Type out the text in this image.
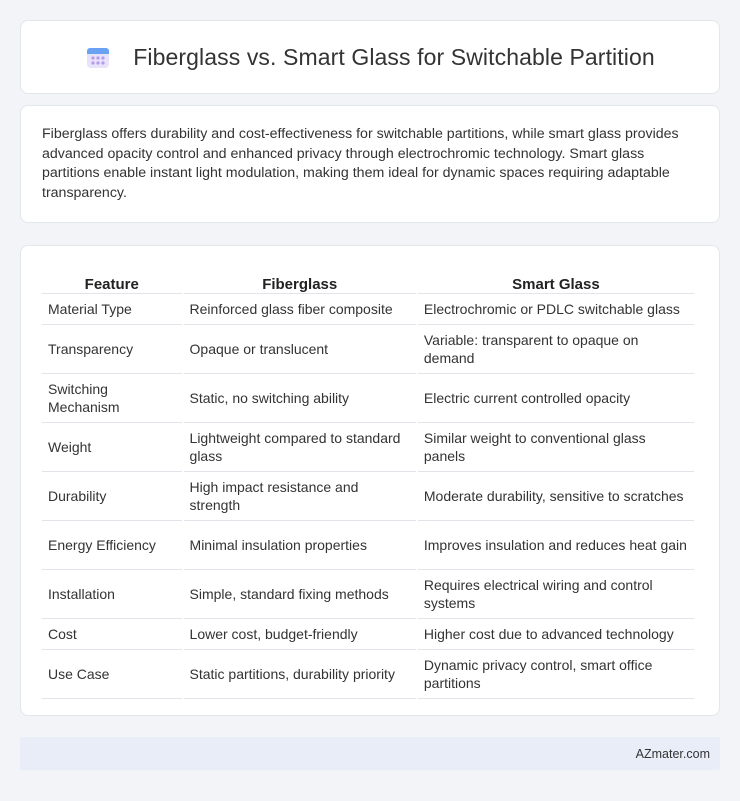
Fiberglass vs. Smart Glass for Switchable Partition

Fiberglass offers durability and cost-effectiveness for switchable partitions, while smart glass provides advanced opacity control and enhanced privacy through electrochromic technology. Smart glass partitions enable instant light modulation, making them ideal for dynamic spaces requiring adaptable transparency.

Feature	Fiberglass	Smart Glass
Material Type	Reinforced glass fiber composite	Electrochromic or PDLC switchable glass
Transparency	Opaque or translucent	Variable: transparent to opaque on demand
Switching Mechanism	Static, no switching ability	Electric current controlled opacity
Weight	Lightweight compared to standard glass	Similar weight to conventional glass panels
Durability	High impact resistance and strength	Moderate durability, sensitive to scratches
Energy Efficiency	Minimal insulation properties	Improves insulation and reduces heat gain
Installation	Simple, standard fixing methods	Requires electrical wiring and control systems
Cost	Lower cost, budget-friendly	Higher cost due to advanced technology
Use Case	Static partitions, durability priority	Dynamic privacy control, smart office partitions
AZmater.com
